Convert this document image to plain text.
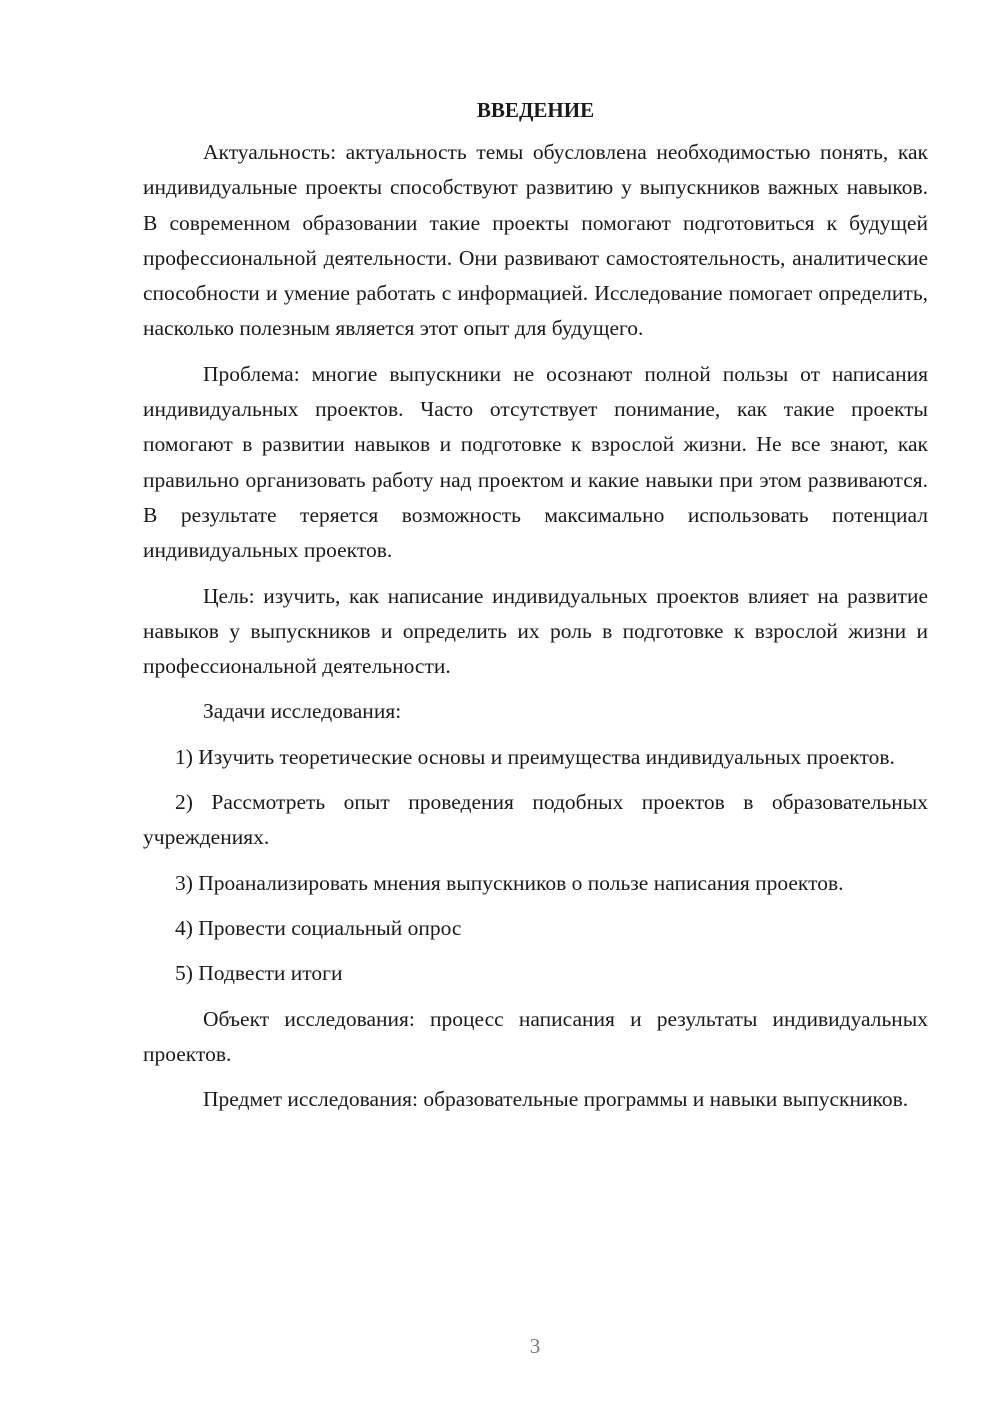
ВВЕДЕНИЕ

Актуальность: актуальность темы обусловлена необходимостью понять, как индивидуальные проекты способствуют развитию у выпускников важных навыков. В современном образовании такие проекты помогают подготовиться к будущей профессиональной деятельности. Они развивают самостоятельность, аналитические способности и умение работать с информацией. Исследование помогает определить, насколько полезным является этот опыт для будущего.

Проблема: многие выпускники не осознают полной пользы от написания индивидуальных проектов. Часто отсутствует понимание, как такие проекты помогают в развитии навыков и подготовке к взрослой жизни. Не все знают, как правильно организовать работу над проектом и какие навыки при этом развиваются. В результате теряется возможность максимально использовать потенциал индивидуальных проектов.

Цель: изучить, как написание индивидуальных проектов влияет на развитие навыков у выпускников и определить их роль в подготовке к взрослой жизни и профессиональной деятельности.

Задачи исследования:

1) Изучить теоретические основы и преимущества индивидуальных проектов.

2) Рассмотреть опыт проведения подобных проектов в образовательных учреждениях.

3) Проанализировать мнения выпускников о пользе написания проектов.

4) Провести социальный опрос

5) Подвести итоги

Объект исследования: процесс написания и результаты индивидуальных проектов.

Предмет исследования: образовательные программы и навыки выпускников.

3
